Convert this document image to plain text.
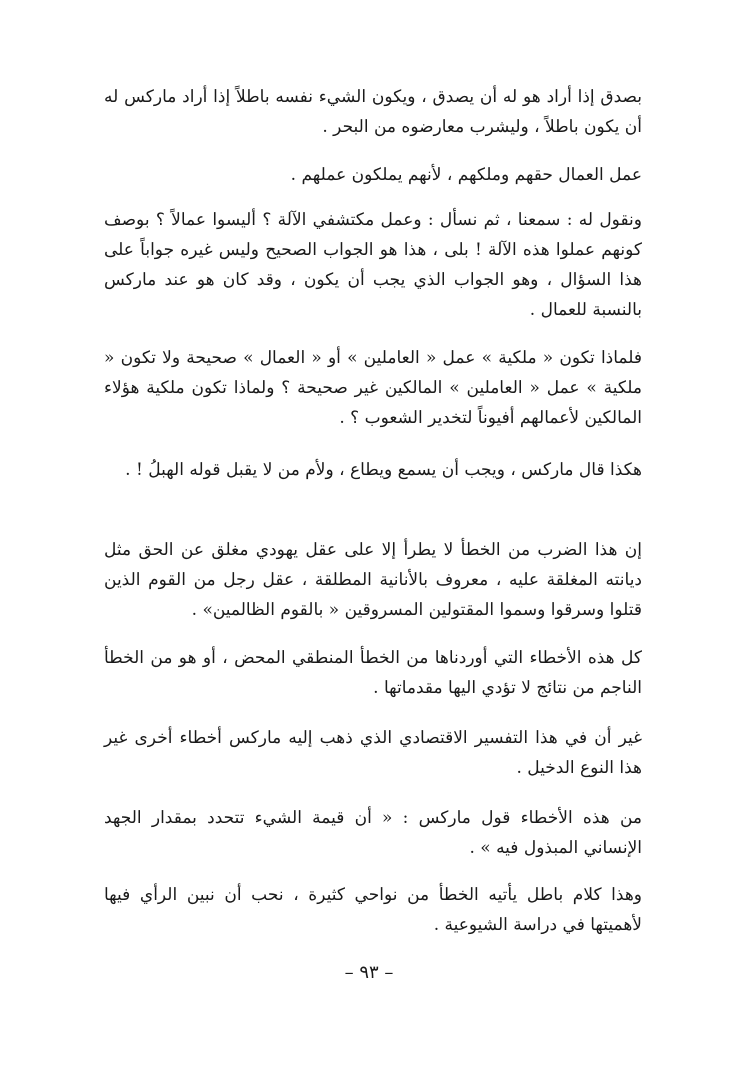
بصدق إذا أراد هو له أن يصدق ، ويكون الشيء نفسه باطلاً إذا أراد ماركس له أن يكون باطلاً ، وليشرب معارضوه من البحر .

عمل العمال حقهم وملكهم ، لأنهم يملكون عملهم .

ونقول له : سمعنا ، ثم نسأل : وعمل مكتشفي الآلة ؟ أليسوا عمالاً ؟ بوصف كونهم عملوا هذه الآلة ! بلى ، هذا هو الجواب الصحيح وليس غيره جواباً على هذا السؤال ، وهو الجواب الذي يجب أن يكون ، وقد كان هو عند ماركس بالنسبة للعمال .

فلماذا تكون « ملكية » عمل « العاملين » أو « العمال » صحيحة ولا تكون « ملكية » عمل « العاملين » المالكين غير صحيحة ؟ ولماذا تكون ملكية هؤلاء المالكين لأعمالهم أفيوناً لتخدير الشعوب ؟ .

هكذا قال ماركس ، ويجب أن يسمع ويطاع ، ولأم من لا يقبل قوله الهبلُ ! .

إن هذا الضرب من الخطأ لا يطرأ إلا على عقل يهودي مغلق عن الحق مثل ديانته المغلقة عليه ، معروف بالأنانية المطلقة ، عقل رجل من القوم الذين قتلوا وسرقوا وسموا المقتولين المسروقين « بالقوم الظالمين» .

كل هذه الأخطاء التي أوردناها من الخطأ المنطقي المحض ، أو هو من الخطأ الناجم من نتائج لا تؤدي اليها مقدماتها .

غير أن في هذا التفسير الاقتصادي الذي ذهب إليه ماركس أخطاء أخرى غير هذا النوع الدخيل .

من هذه الأخطاء قول ماركس : « أن قيمة الشيء تتحدد بمقدار الجهد الإنساني المبذول فيه » .

وهذا كلام باطل يأتيه الخطأ من نواحي كثيرة ، نحب أن نبين الرأي فيها لأهميتها في دراسة الشيوعية .

– ٩٣ –
